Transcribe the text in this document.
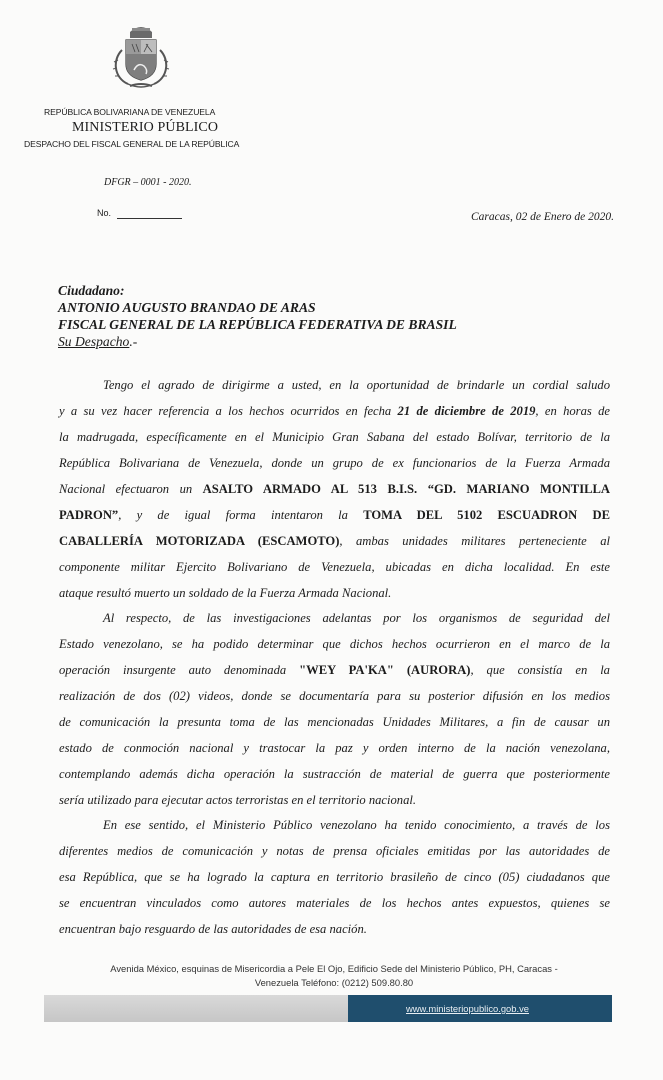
REPÚBLICA BOLIVARIANA DE VENEZUELA
MINISTERIO PÚBLICO
DESPACHO DEL FISCAL GENERAL DE LA REPÚBLICA
DFGR – 0001 - 2020.
No.	Caracas, 02 de Enero de 2020.
Ciudadano:
ANTONIO AUGUSTO BRANDAO DE ARAS
FISCAL GENERAL DE LA REPÚBLICA FEDERATIVA DE BRASIL
Su Despacho.-
Tengo el agrado de dirigirme a usted, en la oportunidad de brindarle un cordial saludo
y a su vez hacer referencia a los hechos ocurridos en fecha 21 de diciembre de 2019, en horas de
la madrugada, específicamente en el Municipio Gran Sabana del estado Bolívar, territorio de la
República Bolivariana de Venezuela, donde un grupo de ex funcionarios de la Fuerza Armada
Nacional efectuaron un ASALTO ARMADO AL 513 B.I.S. “GD. MARIANO MONTILLA
PADRON”, y de igual forma intentaron la TOMA DEL 5102 ESCUADRON DE
CABALLERÍA MOTORIZADA (ESCAMOTO), ambas unidades militares perteneciente al
componente militar Ejercito Bolivariano de Venezuela, ubicadas en dicha localidad. En este
ataque resultó muerto un soldado de la Fuerza Armada Nacional.
Al respecto, de las investigaciones adelantas por los organismos de seguridad del
Estado venezolano, se ha podido determinar que dichos hechos ocurrieron en el marco de la
operación insurgente auto denominada "WEY PA'KA" (AURORA), que consistía en la
realización de dos (02) videos, donde se documentaría para su posterior difusión en los medios
de comunicación la presunta toma de las mencionadas Unidades Militares, a fin de causar un
estado de conmoción nacional y trastocar la paz y orden interno de la nación venezolana,
contemplando además dicha operación la sustracción de material de guerra que posteriormente
sería utilizado para ejecutar actos terroristas en el territorio nacional.
En ese sentido, el Ministerio Público venezolano ha tenido conocimiento, a través de los
diferentes medios de comunicación y notas de prensa oficiales emitidas por las autoridades de
esa República, que se ha logrado la captura en territorio brasileño de cinco (05) ciudadanos que
se encuentran vinculados como autores materiales de los hechos antes expuestos, quienes se
encuentran bajo resguardo de las autoridades de esa nación.
Avenida México, esquinas de Misericordia a Pele El Ojo, Edificio Sede del Ministerio Público, PH, Caracas -
Venezuela Teléfono: (0212) 509.80.80
www.ministeriopublico.gob.ve
